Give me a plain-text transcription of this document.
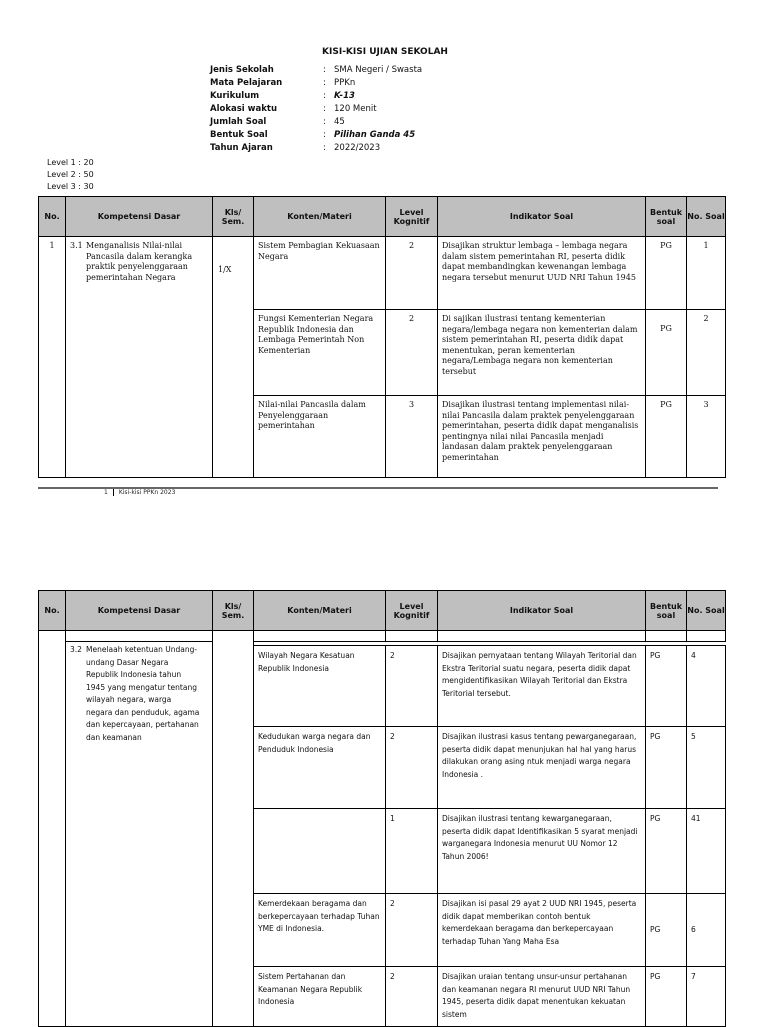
KISI-KISI UJIAN SEKOLAH
Jenis Sekolah	: SMA Negeri / Swasta
Mata Pelajaran	: PPKn
Kurikulum	: K-13
Alokasi waktu	: 120 Menit
Jumlah Soal	: 45
Bentuk Soal	: Pilihan Ganda 45
Tahun Ajaran	: 2022/2023
Level 1 : 20
Level 2 : 50
Level 3 : 30
No.	Kompetensi Dasar	Kls/ Sem.	Konten/Materi	Level Kognitif	Indikator Soal	Bentuk soal	No. Soal
1	3.1 Menganalisis Nilai-nilai Pancasila dalam kerangka praktik penyelenggaraan pemerintahan Negara	1/X	Sistem Pembagian Kekuasaan Negara	2	Disajikan struktur lembaga – lembaga negara dalam sistem pemerintahan RI, peserta didik dapat membandingkan kewenangan lembaga negara tersebut menurut UUD NRI Tahun 1945	PG	1
			Fungsi Kementerian Negara Republik Indonesia dan Lembaga Pemerintah Non Kementerian	2	Di sajikan ilustrasi tentang kementerian negara/lembaga negara non kementerian dalam sistem pemerintahan RI, peserta didik dapat menentukan, peran kementerian negara/Lembaga negara non kementerian tersebut	PG	2
			Nilai-nilai Pancasila dalam Penyelenggaraan pemerintahan	3	Disajikan ilustrasi tentang implementasi nilai- nilai Pancasila dalam praktek penyelenggaraan pemerintahan, peserta didik dapat menganalisis pentingnya nilai nilai Pancasila menjadi landasan dalam praktek penyelenggaraan pemerintahan	PG	3
1 Kisi-kisi PPKn 2023
No.	Kompetensi Dasar	Kls/ Sem.	Konten/Materi	Level Kognitif	Indikator Soal	Bentuk soal	No. Soal

	3.2 Menelaah ketentuan Undang-undang Dasar Negara Republik Indonesia tahun 1945 yang mengatur tentang wilayah negara, warga negara dan penduduk, agama dan kepercayaan, pertahanan dan keamanan						
			Wilayah Negara Kesatuan Republik Indonesia	2	Disajikan pernyataan tentang Wilayah Teritorial dan Ekstra Teritorial suatu negara, peserta didik dapat mengidentifikasikan Wilayah Teritorial dan Ekstra Teritorial tersebut.	PG	4
			Kedudukan warga negara dan Penduduk Indonesia	2	Disajikan ilustrasi kasus tentang pewarganegaraan, peserta didik dapat menunjukan hal hal yang harus dilakukan orang asing ntuk menjadi warga negara Indonesia .	PG	5
				1	Disajikan ilustrasi tentang kewarganegaraan, peserta didik dapat Identifikasikan 5 syarat menjadi warganegara Indonesia menurut UU Nomor 12 Tahun 2006!	PG	41
			Kemerdekaan beragama dan berkepercayaan terhadap Tuhan YME di Indonesia.	2	Disajikan isi pasal 29 ayat 2 UUD NRI 1945, peserta didik dapat memberikan contoh bentuk kemerdekaan beragama dan berkepercayaan terhadap Tuhan Yang Maha Esa	PG	6
			Sistem Pertahanan dan Keamanan Negara Republik Indonesia	2	Disajikan uraian tentang unsur-unsur pertahanan dan keamanan negara RI menurut UUD NRI Tahun 1945, peserta didik dapat menentukan kekuatan sistem	PG	7
